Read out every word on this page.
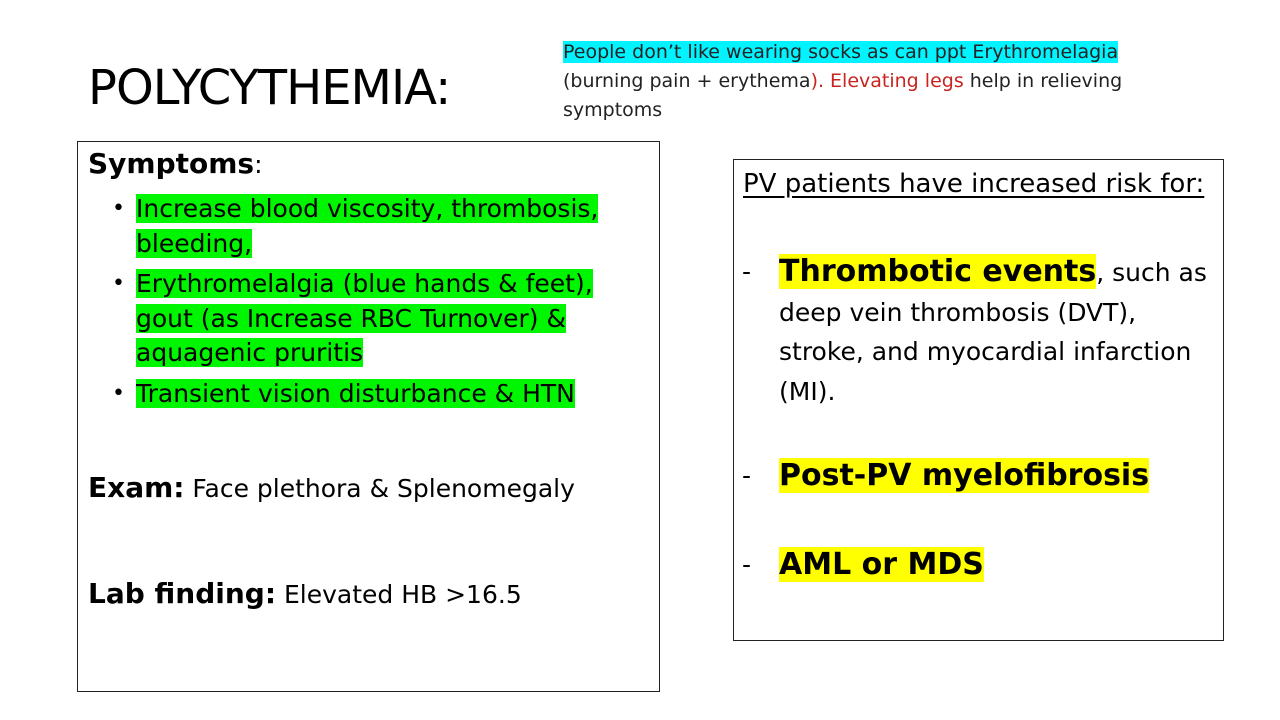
POLYCYTHEMIA:
People don’t like wearing socks as can ppt Erythromelagia
(burning pain + erythema). Elevating legs help in relieving symptoms
Symptoms:
• Increase blood viscosity, thrombosis, bleeding,
• Erythromelalgia (blue hands & feet), gout (as Increase RBC Turnover) & aquagenic pruritis
• Transient vision disturbance & HTN
Exam: Face plethora & Splenomegaly
Lab finding: Elevated HB >16.5
PV patients have increased risk for:
- Thrombotic events, such as deep vein thrombosis (DVT), stroke, and myocardial infarction (MI).
- Post-PV myelofibrosis
- AML or MDS
